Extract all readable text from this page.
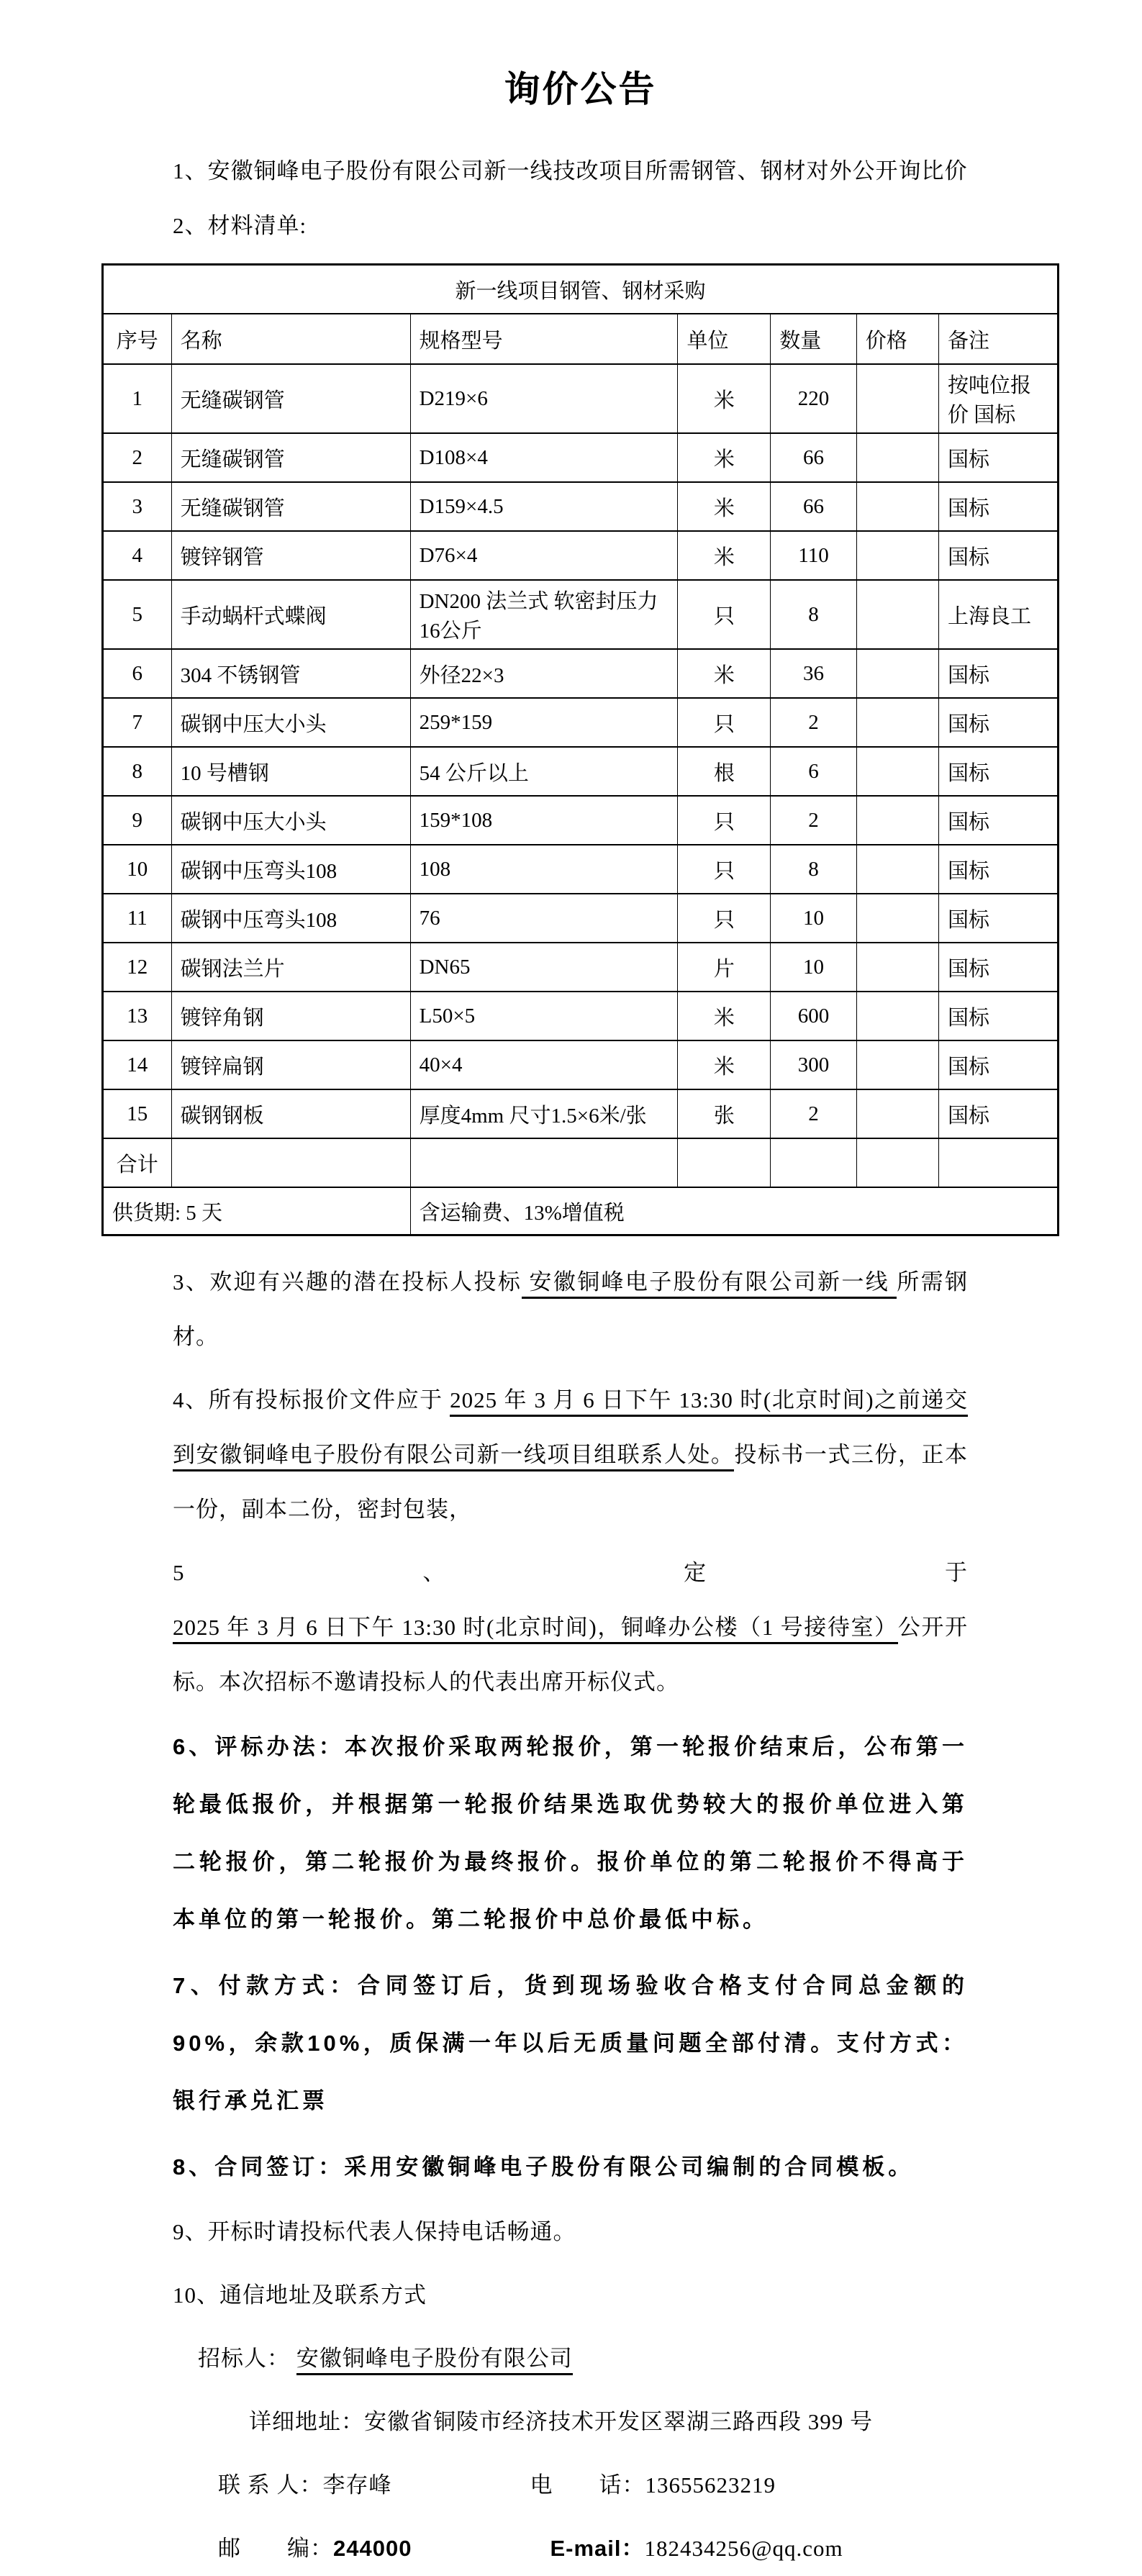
询价公告

1、安徽铜峰电子股份有限公司新一线技改项目所需钢管、钢材对外公开询比价

2、材料清单:

新一线项目钢管、钢材采购						
序号	名称	规格型号	单位	数量	价格	备注
1	无缝碳钢管	D219×6	米	220		按吨位报价 国标
2	无缝碳钢管	D108×4	米	66		国标
3	无缝碳钢管	D159×4.5	米	66		国标
4	镀锌钢管	D76×4	米	110		国标
5	手动蜗杆式蝶阀	DN200 法兰式 软密封压力16公斤	只	8		上海良工
6	304 不锈钢管	外径22×3	米	36		国标
7	碳钢中压大小头	259*159	只	2		国标
8	10 号槽钢	54 公斤以上	根	6		国标
9	碳钢中压大小头	159*108	只	2		国标
10	碳钢中压弯头108	108	只	8		国标
11	碳钢中压弯头108	76	只	10		国标
12	碳钢法兰片	DN65	片	10		国标
13	镀锌角钢	L50×5	米	600		国标
14	镀锌扁钢	40×4	米	300		国标
15	碳钢钢板	厚度4mm 尺寸1.5×6米/张	张	2		国标
合计						
供货期: 5 天		含运输费、13%增值税				
3、欢迎有兴趣的潜在投标人投标 安徽铜峰电子股份有限公司新一线 所需钢材。
4、所有投标报价文件应于 2025 年 3 月 6 日下午 13:30 时(北京时间)之前递交到安徽铜峰电子股份有限公司新一线项目组联系人处。投标书一式三份，正本一份，副本二份，密封包装，
5、定于 2025 年 3 月 6 日下午 13:30 时(北京时间)，铜峰办公楼（1 号接待室）公开开标。本次招标不邀请投标人的代表出席开标仪式。
6、评标办法：本次报价采取两轮报价，第一轮报价结束后，公布第一轮最低报价，并根据第一轮报价结果选取优势较大的报价单位进入第二轮报价，第二轮报价为最终报价。报价单位的第二轮报价不得高于本单位的第一轮报价。第二轮报价中总价最低中标。
7、付款方式：合同签订后，货到现场验收合格支付合同总金额的90%，余款10%，质保满一年以后无质量问题全部付清。支付方式：银行承兑汇票
8、合同签订：采用安徽铜峰电子股份有限公司编制的合同模板。
9、开标时请投标代表人保持电话畅通。
10、通信地址及联系方式
招标人： 安徽铜峰电子股份有限公司
详细地址：安徽省铜陵市经济技术开发区翠湖三路西段 399 号
联 系 人：李存峰　　　　　　	电　　话：13655623219
邮　　编：244000　　　　　　	E-mail：182434256@qq.com
